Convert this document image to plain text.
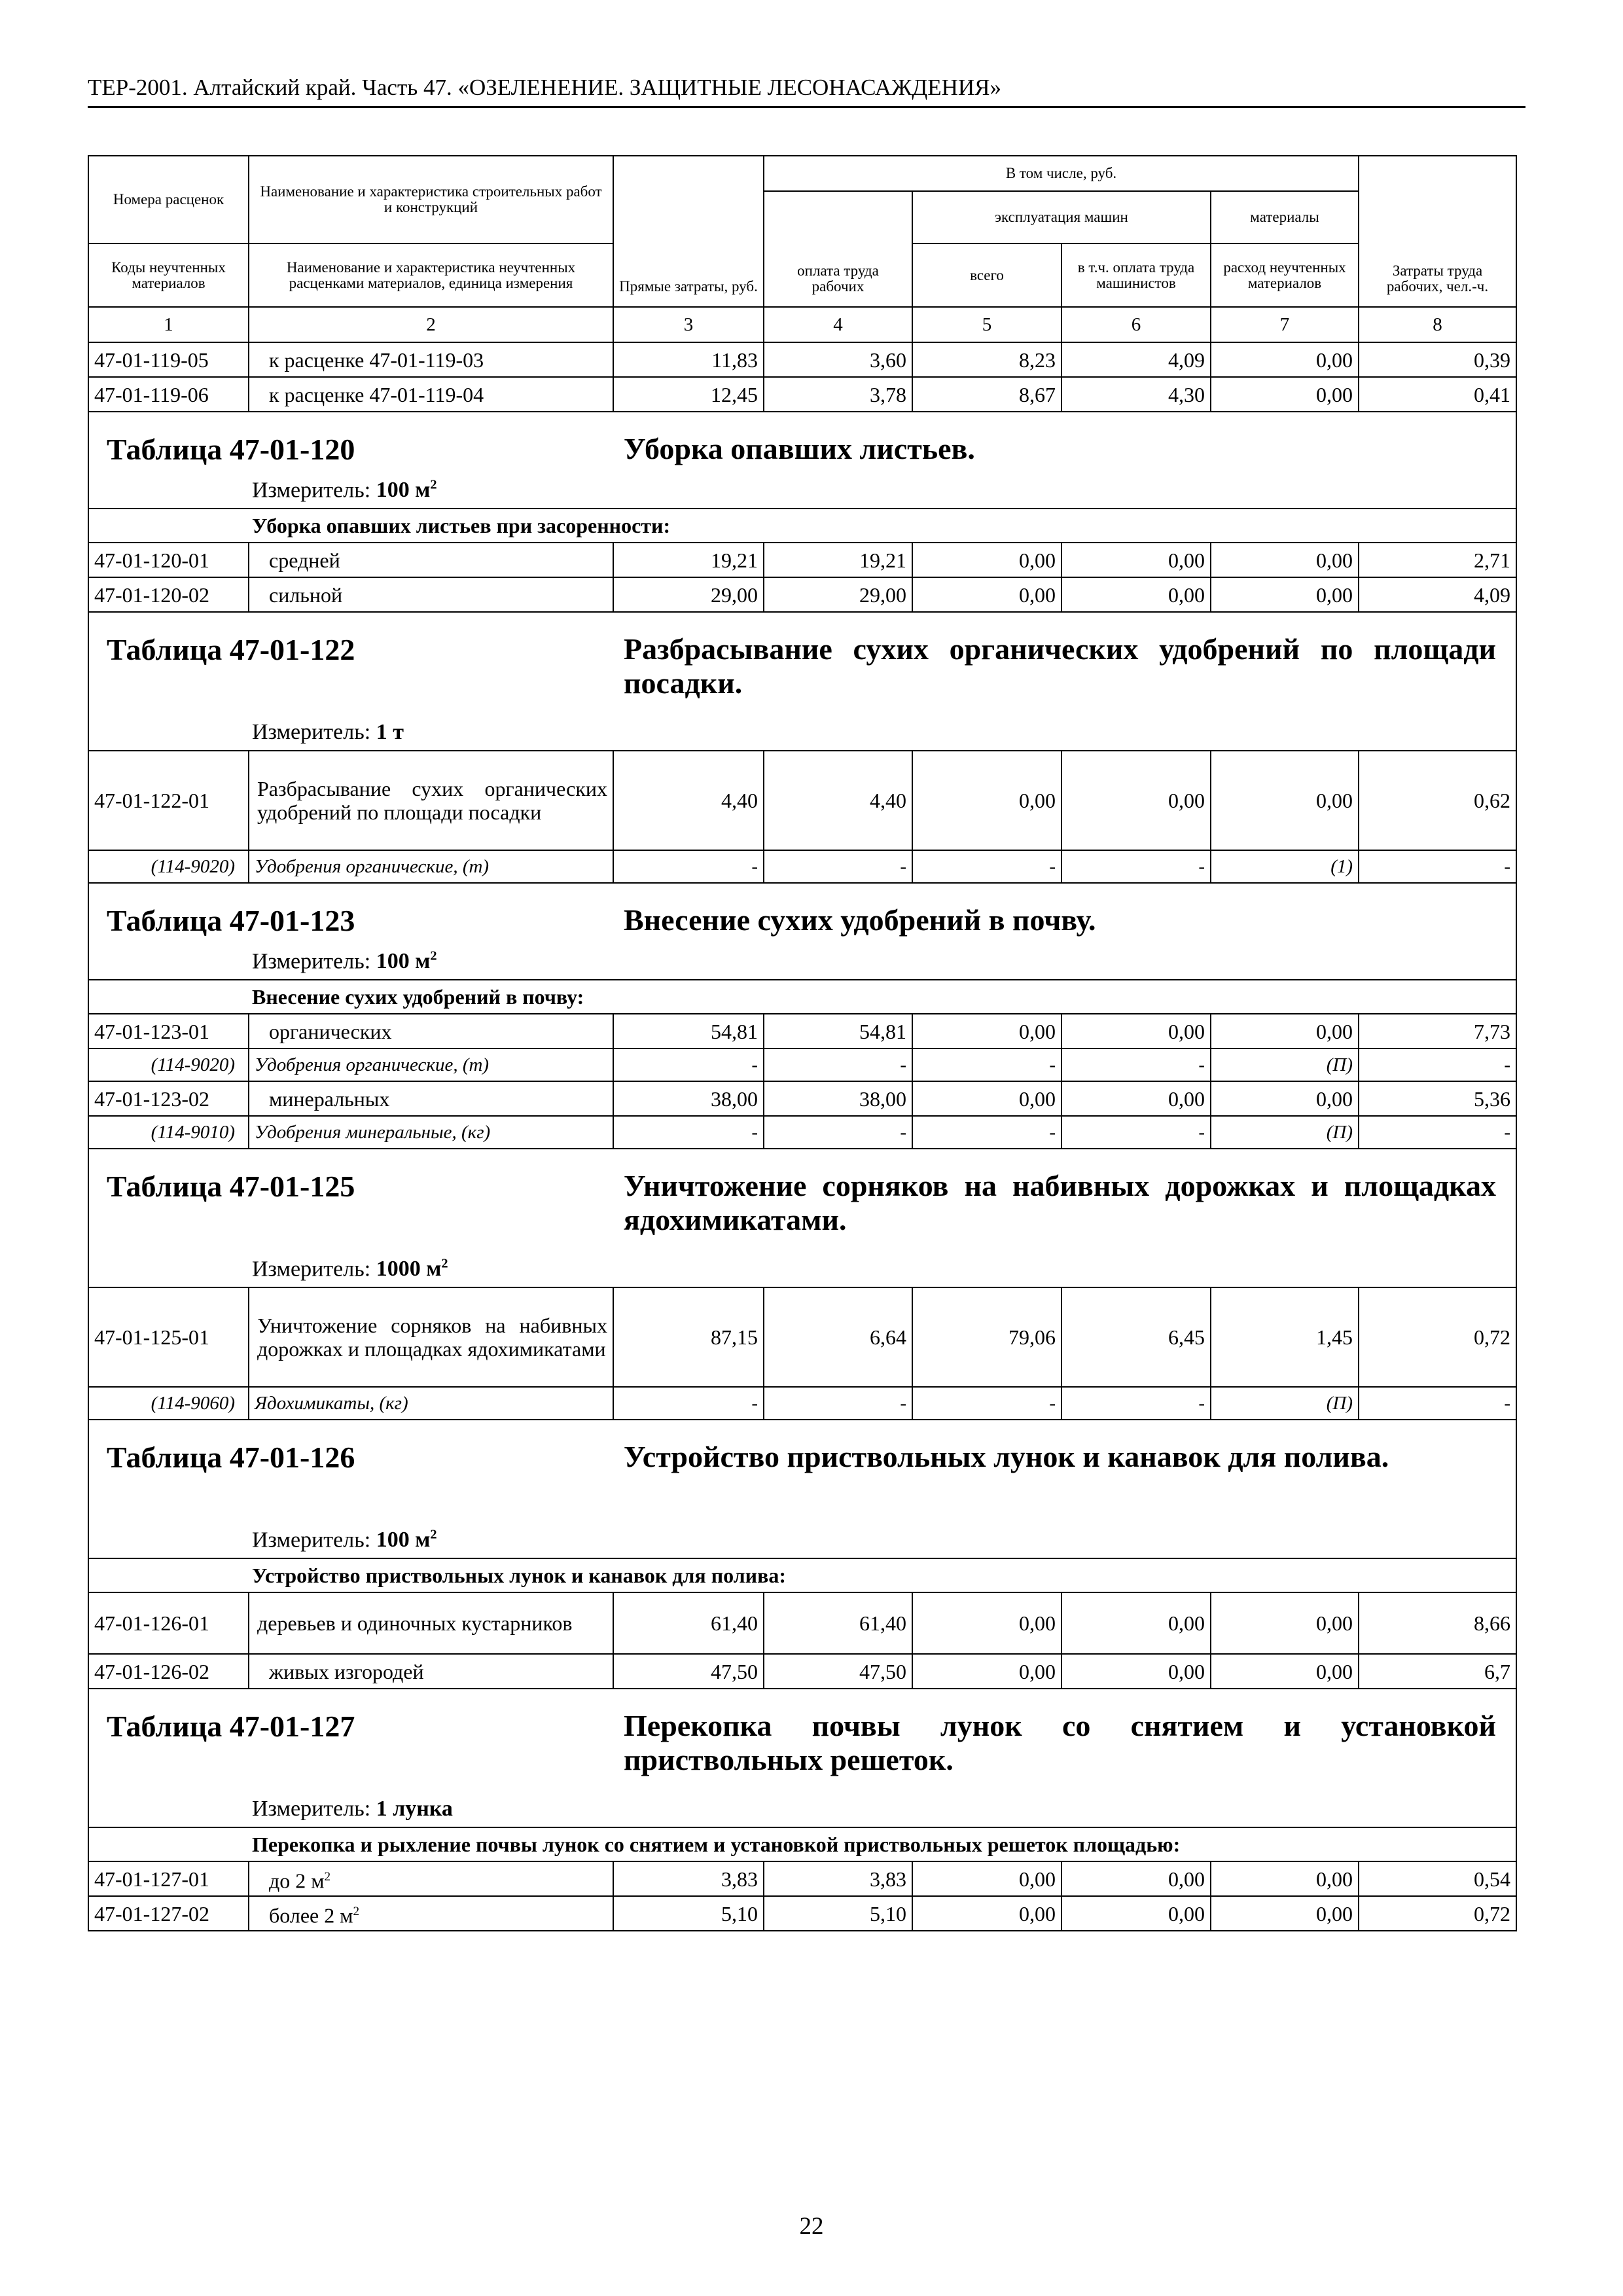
ТЕР-2001. Алтайский край. Часть 47. «ОЗЕЛЕНЕНИЕ. ЗАЩИТНЫЕ ЛЕСОНАСАЖДЕНИЯ»
Номера расценок	Наименование и характеристика строительных работ и конструкций	Прямые затраты, руб.	В том числе, руб.				Затраты труда рабочих, чел.-ч.
			оплата труда рабочих	эксплуатация машин		материалы	
Коды неучтенных материалов	Наименование и характеристика неучтенных расценками материалов, единица измерения			всего	в т.ч. оплата труда машинистов	расход неучтенных материалов	
1	2	3	4	5	6	7	8
47-01-119-05	к расценке 47-01-119-03	11,83	3,60	8,23	4,09	0,00	0,39
47-01-119-06	к расценке 47-01-119-04	12,45	3,78	8,67	4,30	0,00	0,41

Таблица 47-01-120 Уборка опавших листьев.
Измеритель: 100 $м^2$

Уборка опавших листьев при засоренности:							
47-01-120-01	средней	19,21	19,21	0,00	0,00	0,00	2,71
47-01-120-02	сильной	29,00	29,00	0,00	0,00	0,00	4,09

Таблица 47-01-122 Разбрасывание сухих органических удобрений по площади посадки.
Измеритель: 1 т							

47-01-122-01	Разбрасывание сухих органических удобрений по площади посадки	4,40	4,40	0,00	0,00	0,00	0,62
(114-9020)	Удобрения органические, (т)	-	-	-	-	(1)	-

Таблица 47-01-123 Внесение сухих удобрений в почву.
Измеритель: 100 $м^2$

Внесение сухих удобрений в почву:							
47-01-123-01	органических	54,81	54,81	0,00	0,00	0,00	7,73
(114-9020)	Удобрения органические, (т)	-	-	-	-	(П)	-
47-01-123-02	минеральных	38,00	38,00	0,00	0,00	0,00	5,36
(114-9010)	Удобрения минеральные, (кг)	-	-	-	-	(П)	-

Таблица 47-01-125 Уничтожение сорняков на набивных дорожках и площадках ядохимикатами.
Измеритель: 1000 $м^2$

47-01-125-01	Уничтожение сорняков на набивных дорожках и площадках ядохимикатами	87,15	6,64	79,06	6,45	1,45	0,72
(114-9060)	Ядохимикаты, (кг)	-	-	-	-	(П)	-

Таблица 47-01-126 Устройство приствольных лунок и канавок для полива.
Измеритель: 100 $м^2$

Устройство приствольных лунок и канавок для полива:							
47-01-126-01	деревьев и одиночных кустарников	61,40	61,40	0,00	0,00	0,00	8,66
47-01-126-02	живых изгородей	47,50	47,50	0,00	0,00	0,00	6,7

Таблица 47-01-127 Перекопка почвы лунок со снятием и установкой приствольных решеток.
Измеритель: 1 лунка							

Перекопка и рыхление почвы лунок со снятием и установкой приствольных решеток площадью:							
47-01-127-01	до 2 $м^2$	3,83	3,83	0,00	0,00	0,00	0,54
47-01-127-02	более 2 $м^2$	5,10	5,10	0,00	0,00	0,00	0,72
22
